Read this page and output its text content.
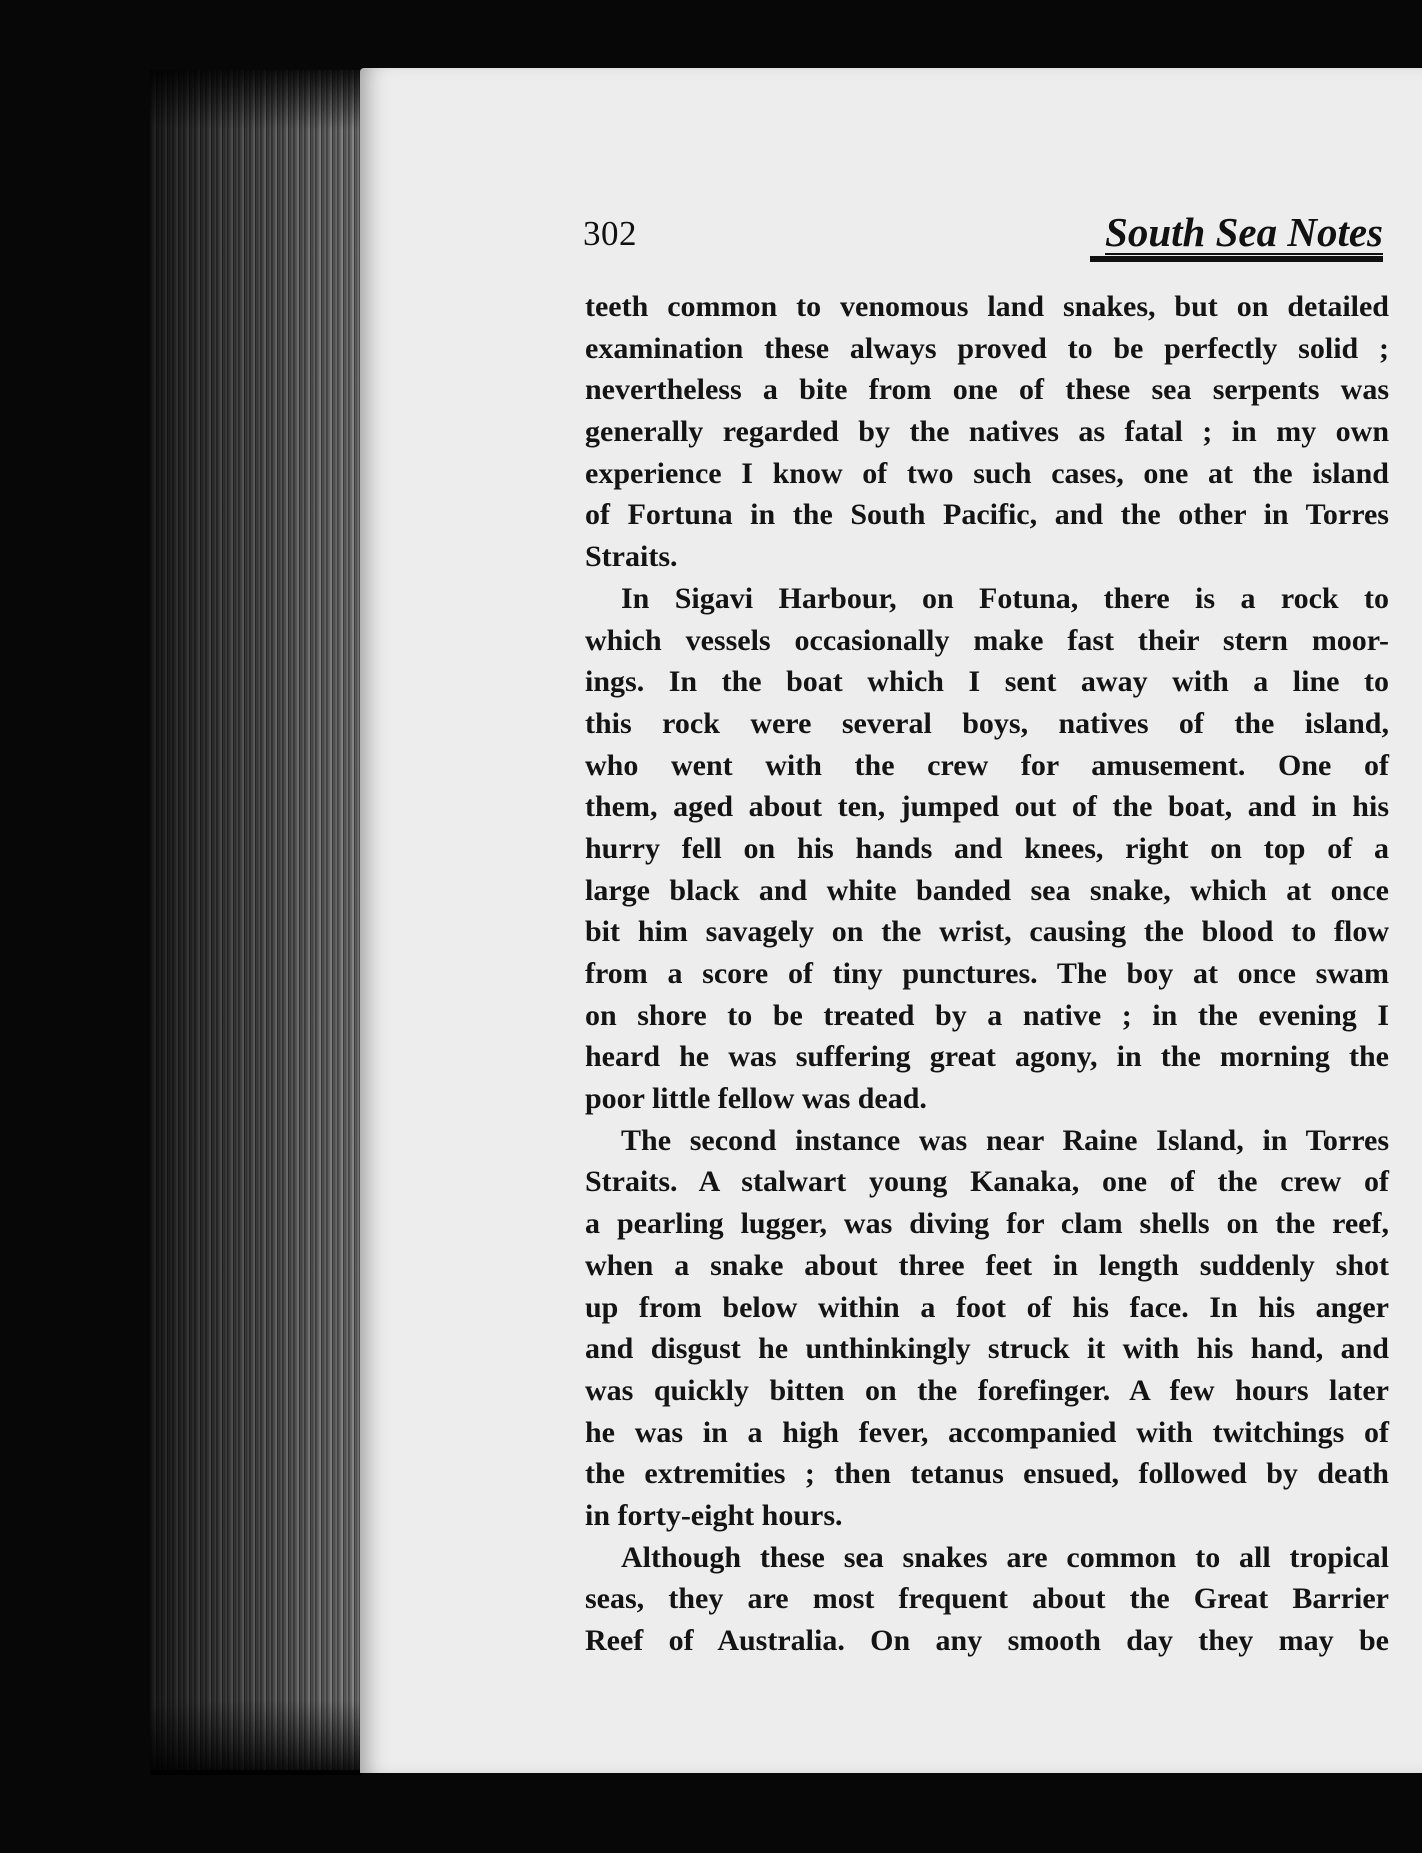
302	South Sea Notes
teeth common to venomous land snakes, but on detailed
examination these always proved to be perfectly solid ;
nevertheless a bite from one of these sea serpents was
generally regarded by the natives as fatal ; in my own
experience I know of two such cases, one at the island
of Fortuna in the South Pacific, and the other in Torres
Straits.
In Sigavi Harbour, on Fotuna, there is a rock to
which vessels occasionally make fast their stern moor-
ings. In the boat which I sent away with a line to
this rock were several boys, natives of the island,
who went with the crew for amusement. One of
them, aged about ten, jumped out of the boat, and in his
hurry fell on his hands and knees, right on top of a
large black and white banded sea snake, which at once
bit him savagely on the wrist, causing the blood to flow
from a score of tiny punctures. The boy at once swam
on shore to be treated by a native ; in the evening I
heard he was suffering great agony, in the morning the
poor little fellow was dead.
The second instance was near Raine Island, in Torres
Straits. A stalwart young Kanaka, one of the crew of
a pearling lugger, was diving for clam shells on the reef,
when a snake about three feet in length suddenly shot
up from below within a foot of his face. In his anger
and disgust he unthinkingly struck it with his hand, and
was quickly bitten on the forefinger. A few hours later
he was in a high fever, accompanied with twitchings of
the extremities ; then tetanus ensued, followed by death
in forty-eight hours.
Although these sea snakes are common to all tropical
seas, they are most frequent about the Great Barrier
Reef of Australia. On any smooth day they may be
